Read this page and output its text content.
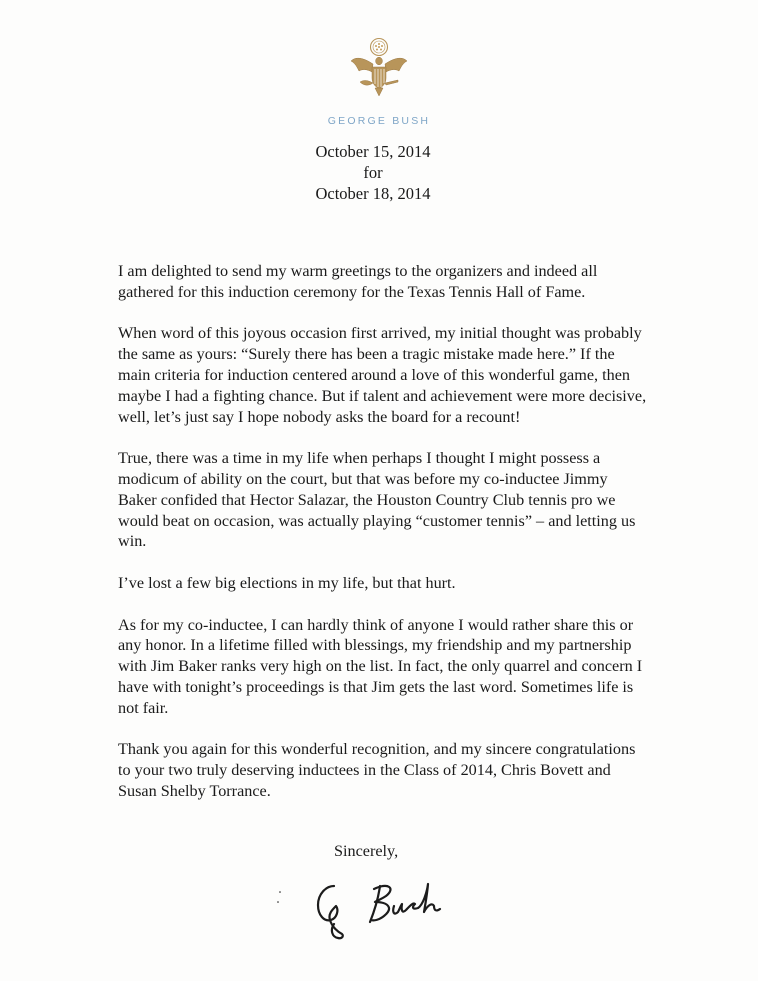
GEORGE BUSH
October 15, 2014
for
October 18, 2014

I am delighted to send my warm greetings to the organizers and indeed all gathered for this induction ceremony for the Texas Tennis Hall of Fame.

When word of this joyous occasion first arrived, my initial thought was probably the same as yours: “Surely there has been a tragic mistake made here.” If the main criteria for induction centered around a love of this wonderful game, then maybe I had a fighting chance. But if talent and achievement were more decisive, well, let’s just say I hope nobody asks the board for a recount!

True, there was a time in my life when perhaps I thought I might possess a modicum of ability on the court, but that was before my co-inductee Jimmy Baker confided that Hector Salazar, the Houston Country Club tennis pro we would beat on occasion, was actually playing “customer tennis” – and letting us win.

I’ve lost a few big elections in my life, but that hurt.

As for my co-inductee, I can hardly think of anyone I would rather share this or any honor. In a lifetime filled with blessings, my friendship and my partnership with Jim Baker ranks very high on the list. In fact, the only quarrel and concern I have with tonight’s proceedings is that Jim gets the last word. Sometimes life is not fair.

Thank you again for this wonderful recognition, and my sincere congratulations to your two truly deserving inductees in the Class of 2014, Chris Bovett and Susan Shelby Torrance.

Sincerely,
